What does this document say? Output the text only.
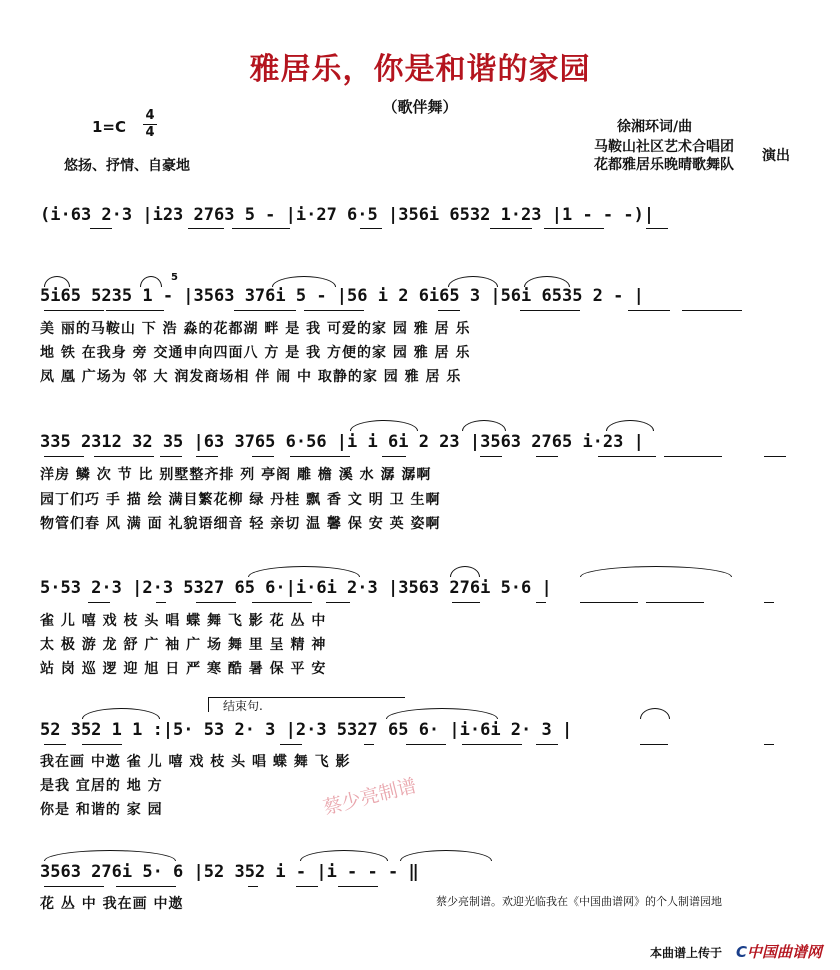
雅居乐，你是和谐的家园
（歌伴舞）
1=C
4
4
悠扬、抒情、自豪地
徐湘环词/曲
马鞍山社区艺术合唱团
花都雅居乐晚晴歌舞队
演出
(i·63 2·3 |i23 2763 5 - |i·27 6·5 |356i 6532 1·23 |1 - - -)|
5
5i65 5235 1 - |3563 376i 5 - |56 i 2 6i65 3 |56i 6535 2 - |
美 丽的马鞍山 下 浩 淼的花都湖 畔 是 我 可爱的家 园 雅 居 乐
地 铁 在我身 旁 交通申向四面八 方 是 我 方便的家 园 雅 居 乐
凤 凰 广场为 邻 大 润发商场相 伴 闹 中 取静的家 园 雅 居 乐
335 2312 32 35 |63 3765 6·56 |i i 6i 2 23 |3563 2765 i·23 |
洋房 鳞 次 节 比 别墅整齐排 列 亭阁 雕 檐 溪 水 潺 潺啊
园丁们巧 手 描 绘 满目繁花柳 绿 丹桂 飘 香 文 明 卫 生啊
物管们春 风 满 面 礼貌语细音 轻 亲切 温 馨 保 安 英 姿啊
5·53 2·3 |2·3 5327 65 6·|i·6i 2·3 |3563 276i 5·6 |
雀 儿 嘻 戏 枝 头 唱 蝶 舞 飞 影 花 丛 中
太 极 游 龙 舒 广 袖 广 场 舞 里 呈 精 神
站 岗 巡 逻 迎 旭 日 严 寒 酷 暑 保 平 安
结束句.
52 352 1 1 :|5· 53 2· 3 |2·3 5327 65 6· |i·6i 2· 3 |
我在画 中遨 雀 儿 嘻 戏 枝 头 唱 蝶 舞 飞 影
是我 宜居的 地 方
你是 和谐的 家 园	蔡少亮制谱
3563 276i 5· 6 |52 352 i - |i - - - ‖
花 丛 中 我在画 中遨	蔡少亮制谱。欢迎光临我在《中国曲谱网》的个人制谱园地
本曲谱上传于 C中国曲谱网
